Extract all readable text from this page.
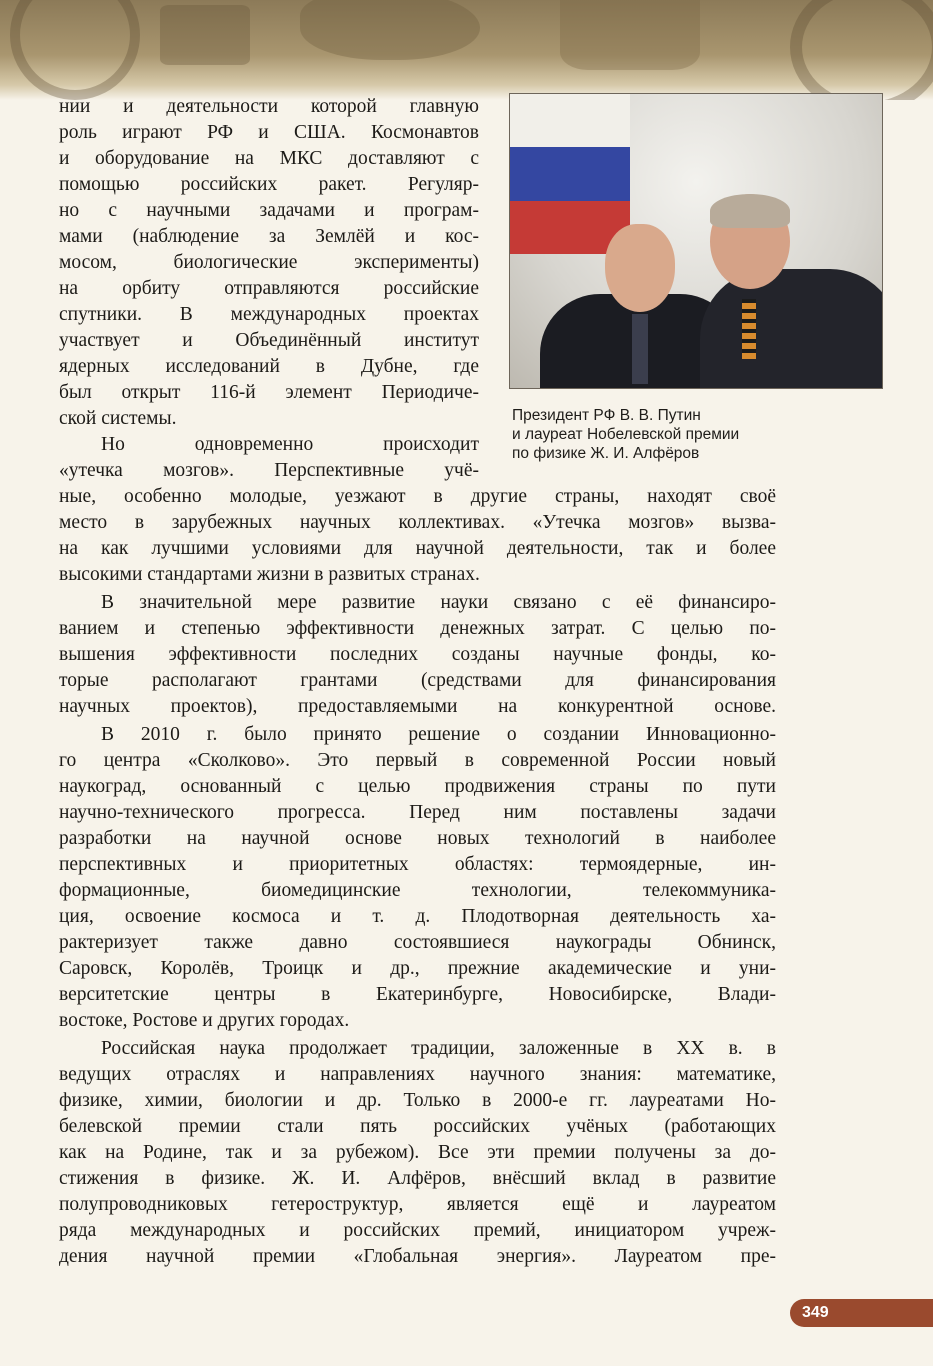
Президент РФ В. В. Путин
и лауреат Нобелевской премии
по физике Ж. И. Алфёров
нии и деятельности которой главную
роль играют РФ и США. Космонавтов
и оборудование на МКС доставляют с
помощью российских ракет. Регуляр-
но с научными задачами и програм-
мами (наблюдение за Землёй и кос-
мосом, биологические эксперименты)
на орбиту отправляются российские
спутники. В международных проектах
участвует и Объединённый институт
ядерных исследований в Дубне, где
был открыт 116-й элемент Периодиче-
ской системы.
Но одновременно происходит
«утечка мозгов». Перспективные учё-
ные, особенно молодые, уезжают в другие страны, находят своё
место в зарубежных научных коллективах. «Утечка мозгов» вызва-
на как лучшими условиями для научной деятельности, так и более
высокими стандартами жизни в развитых странах.
В значительной мере развитие науки связано с её финансиро-
ванием и степенью эффективности денежных затрат. С целью по-
вышения эффективности последних созданы научные фонды, ко-
торые располагают грантами (средствами для финансирования
научных проектов), предоставляемыми на конкурентной основе.
В 2010 г. было принято решение о создании Инновационно-
го центра «Сколково». Это первый в современной России новый
наукоград, основанный с целью продвижения страны по пути
научно-технического прогресса. Перед ним поставлены задачи
разработки на научной основе новых технологий в наиболее
перспективных и приоритетных областях: термоядерные, ин-
формационные, биомедицинские технологии, телекоммуника-
ция, освоение космоса и т. д. Плодотворная деятельность ха-
рактеризует также давно состоявшиеся наукограды Обнинск,
Саровск, Королёв, Троицк и др., прежние академические и уни-
верситетские центры в Екатеринбурге, Новосибирске, Влади-
востоке, Ростове и других городах.
Российская наука продолжает традиции, заложенные в XX в. в
ведущих отраслях и направлениях научного знания: математике,
физике, химии, биологии и др. Только в 2000-е гг. лауреатами Но-
белевской премии стали пять российских учёных (работающих
как на Родине, так и за рубежом). Все эти премии получены за до-
стижения в физике. Ж. И. Алфёров, внёсший вклад в развитие
полупроводниковых гетероструктур, является ещё и лауреатом
ряда международных и российских премий, инициатором учреж-
дения научной премии «Глобальная энергия». Лауреатом пре-
349
